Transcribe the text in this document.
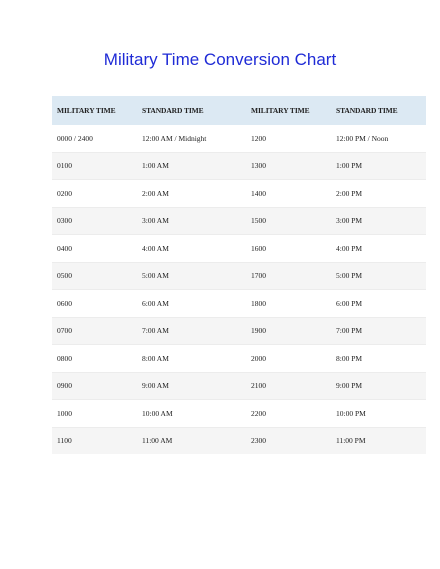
Military Time Conversion Chart
MILITARY TIME	STANDARD TIME	MILITARY TIME	STANDARD TIME
0000 / 2400	12:00 AM / Midnight	1200	12:00 PM / Noon
0100	1:00 AM	1300	1:00 PM
0200	2:00 AM	1400	2:00 PM
0300	3:00 AM	1500	3:00 PM
0400	4:00 AM	1600	4:00 PM
0500	5:00 AM	1700	5:00 PM
0600	6:00 AM	1800	6:00 PM
0700	7:00 AM	1900	7:00 PM
0800	8:00 AM	2000	8:00 PM
0900	9:00 AM	2100	9:00 PM
1000	10:00 AM	2200	10:00 PM
1100	11:00 AM	2300	11:00 PM
